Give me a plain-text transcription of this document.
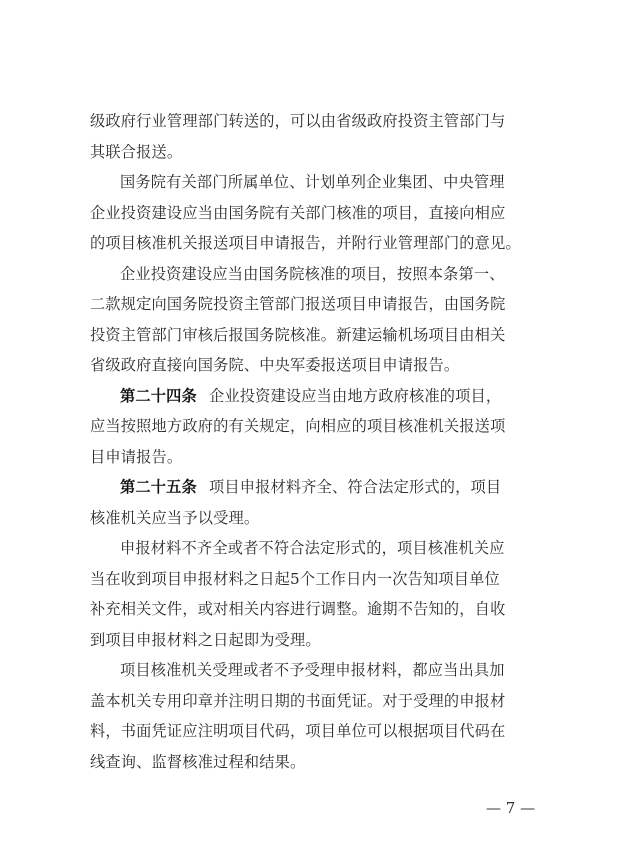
级政府行业管理部门转送的，可以由省级政府投资主管部门与
其联合报送。
国务院有关部门所属单位、计划单列企业集团、中央管理
企业投资建设应当由国务院有关部门核准的项目，直接向相应
的项目核准机关报送项目申请报告，并附行业管理部门的意见。
企业投资建设应当由国务院核准的项目，按照本条第一、
二款规定向国务院投资主管部门报送项目申请报告，由国务院
投资主管部门审核后报国务院核准。新建运输机场项目由相关
省级政府直接向国务院、中央军委报送项目申请报告。
第二十四条 企业投资建设应当由地方政府核准的项目，
应当按照地方政府的有关规定，向相应的项目核准机关报送项
目申请报告。
第二十五条 项目申报材料齐全、符合法定形式的，项目
核准机关应当予以受理。
申报材料不齐全或者不符合法定形式的，项目核准机关应
当在收到项目申报材料之日起5个工作日内一次告知项目单位
补充相关文件，或对相关内容进行调整。逾期不告知的，自收
到项目申报材料之日起即为受理。
项目核准机关受理或者不予受理申报材料，都应当出具加
盖本机关专用印章并注明日期的书面凭证。对于受理的申报材
料，书面凭证应注明项目代码，项目单位可以根据项目代码在
线查询、监督核准过程和结果。
— 7 —
